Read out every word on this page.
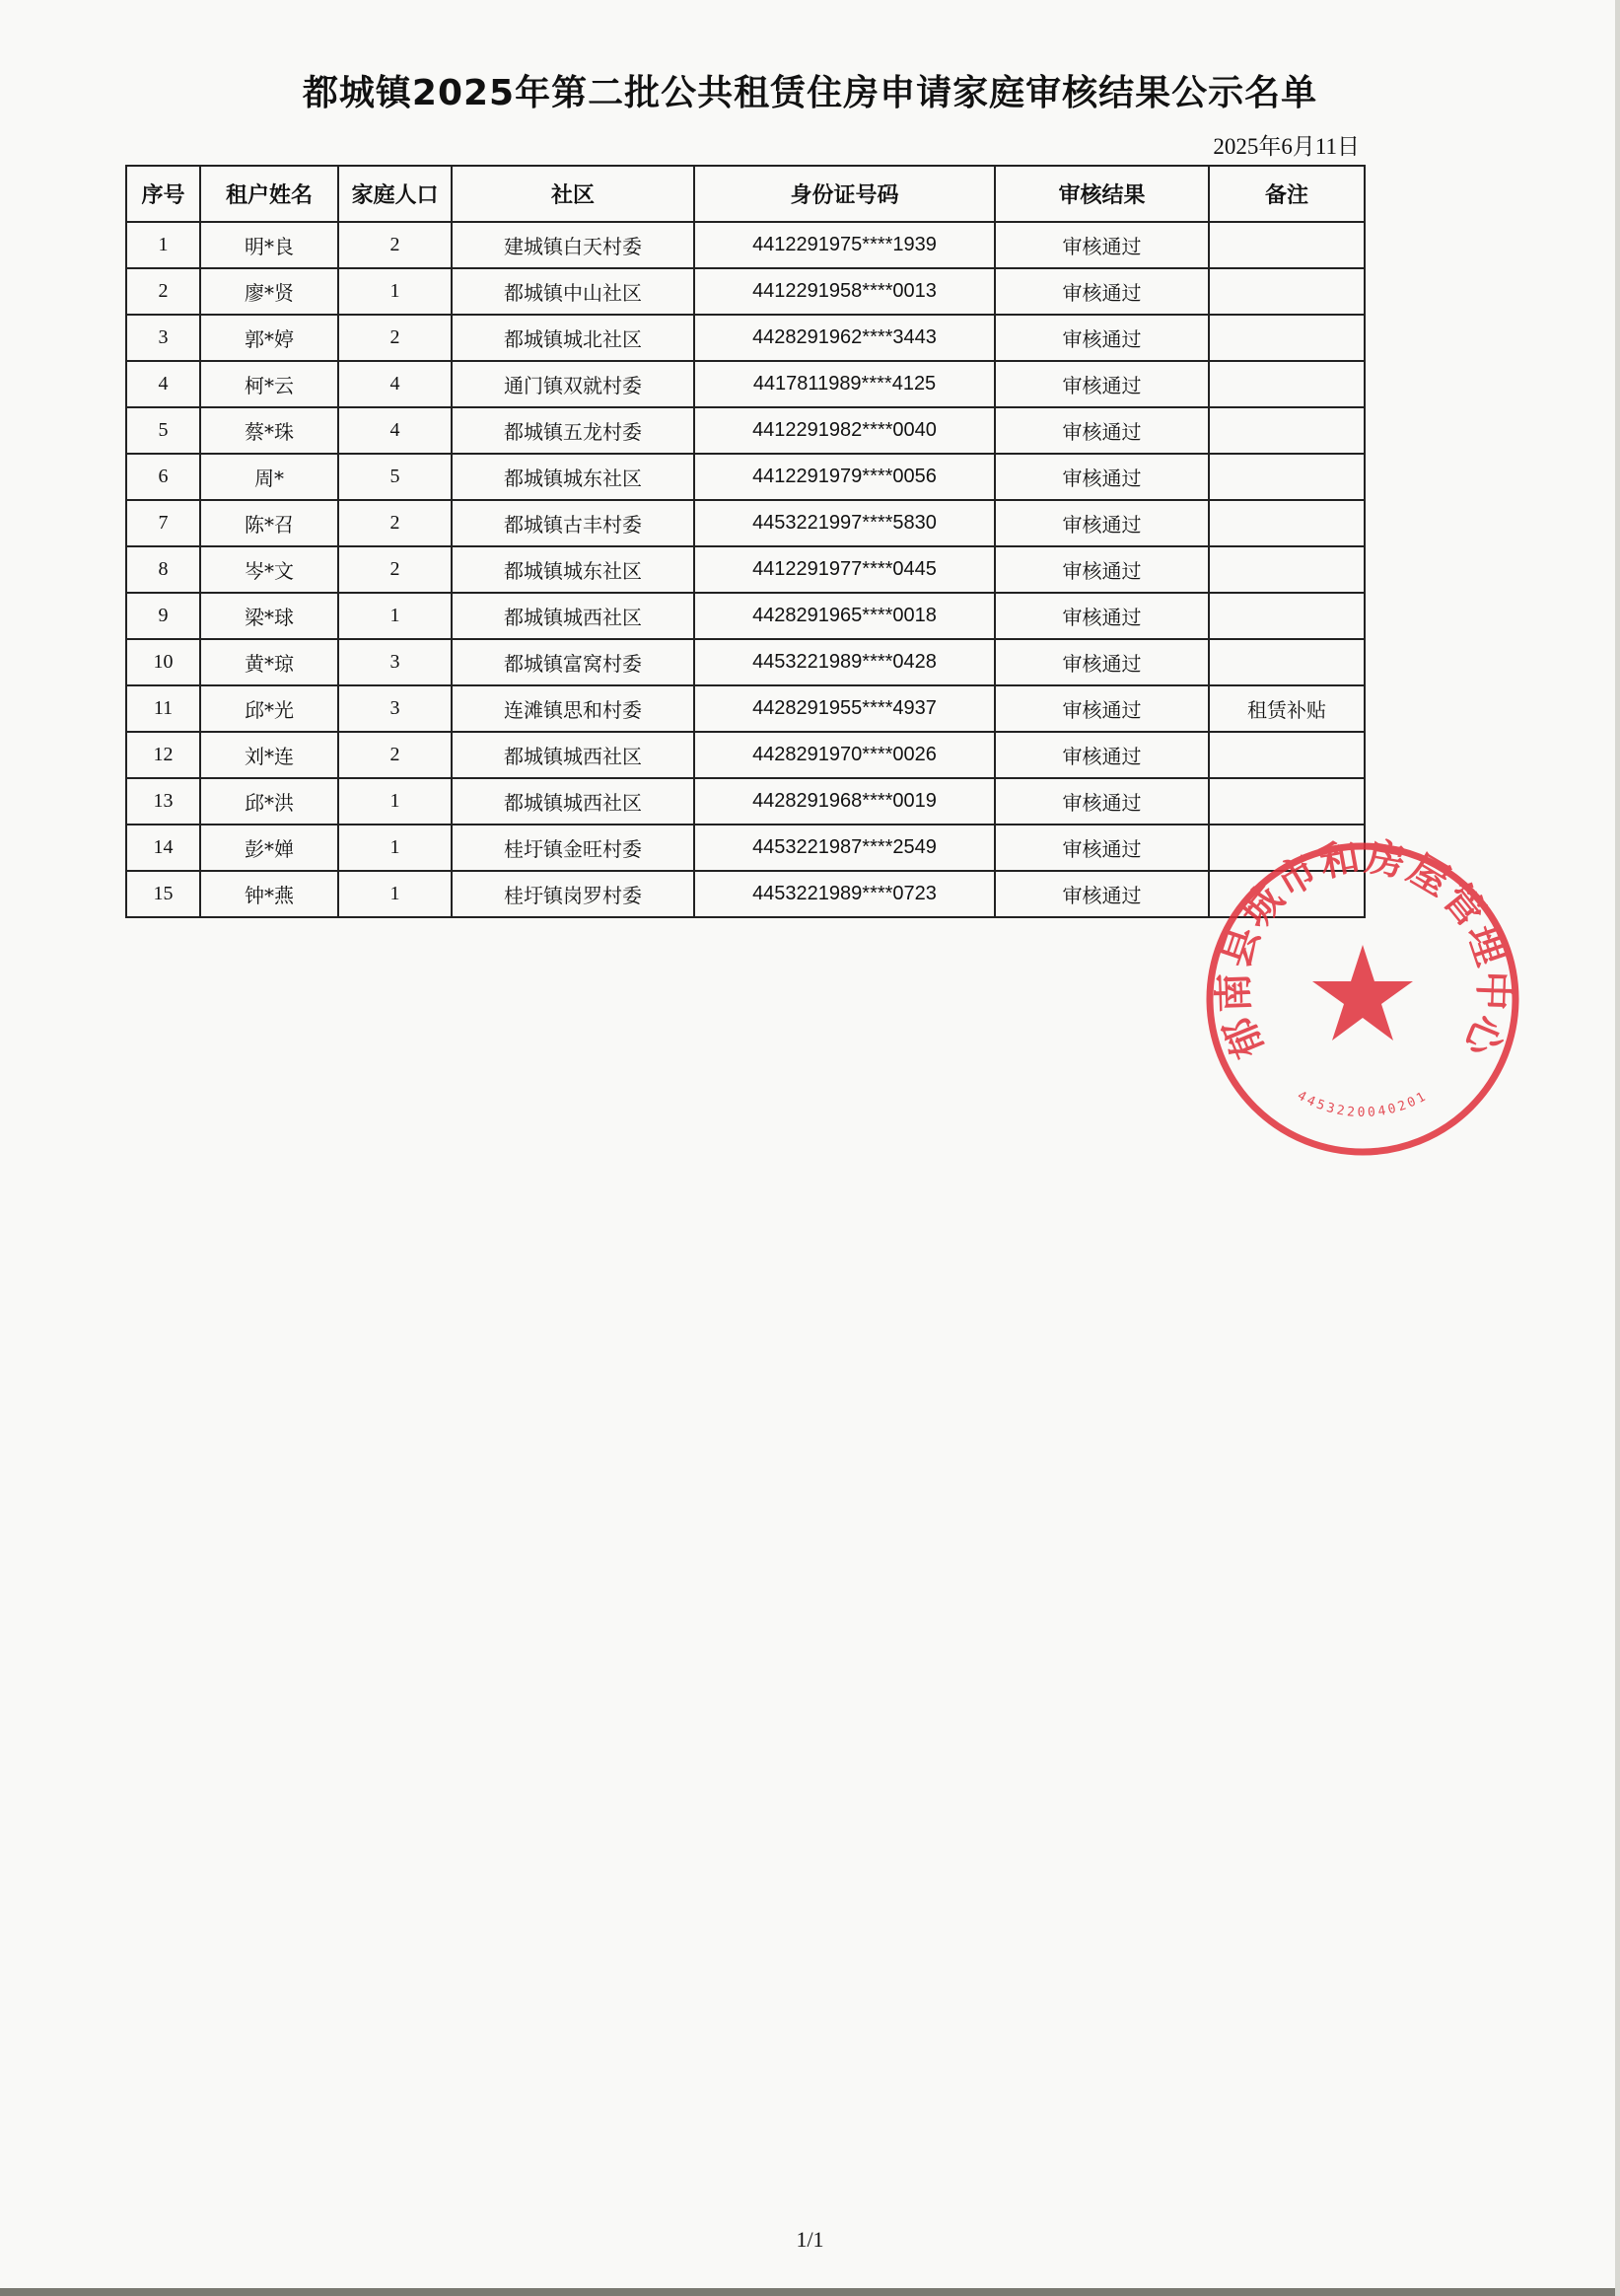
都城镇2025年第二批公共租赁住房申请家庭审核结果公示名单
2025年6月11日
序号	租户姓名	家庭人口	社区	身份证号码	审核结果	备注
1	明*良	2	建城镇白天村委	4412291975****1939	审核通过	
2	廖*贤	1	都城镇中山社区	4412291958****0013	审核通过	
3	郭*婷	2	都城镇城北社区	4428291962****3443	审核通过	
4	柯*云	4	通门镇双就村委	4417811989****4125	审核通过	
5	蔡*珠	4	都城镇五龙村委	4412291982****0040	审核通过	
6	周*	5	都城镇城东社区	4412291979****0056	审核通过	
7	陈*召	2	都城镇古丰村委	4453221997****5830	审核通过	
8	岑*文	2	都城镇城东社区	4412291977****0445	审核通过	
9	梁*球	1	都城镇城西社区	4428291965****0018	审核通过	
10	黄*琼	3	都城镇富窝村委	4453221989****0428	审核通过	
11	邱*光	3	连滩镇思和村委	4428291955****4937	审核通过	租赁补贴
12	刘*连	2	都城镇城西社区	4428291970****0026	审核通过	
13	邱*洪	1	都城镇城西社区	4428291968****0019	审核通过	
14	彭*婵	1	桂圩镇金旺村委	4453221987****2549	审核通过	
15	钟*燕	1	桂圩镇岗罗村委	4453221989****0723	审核通过	
郁南县城市和房屋管理中心
4453220040201
1/1
